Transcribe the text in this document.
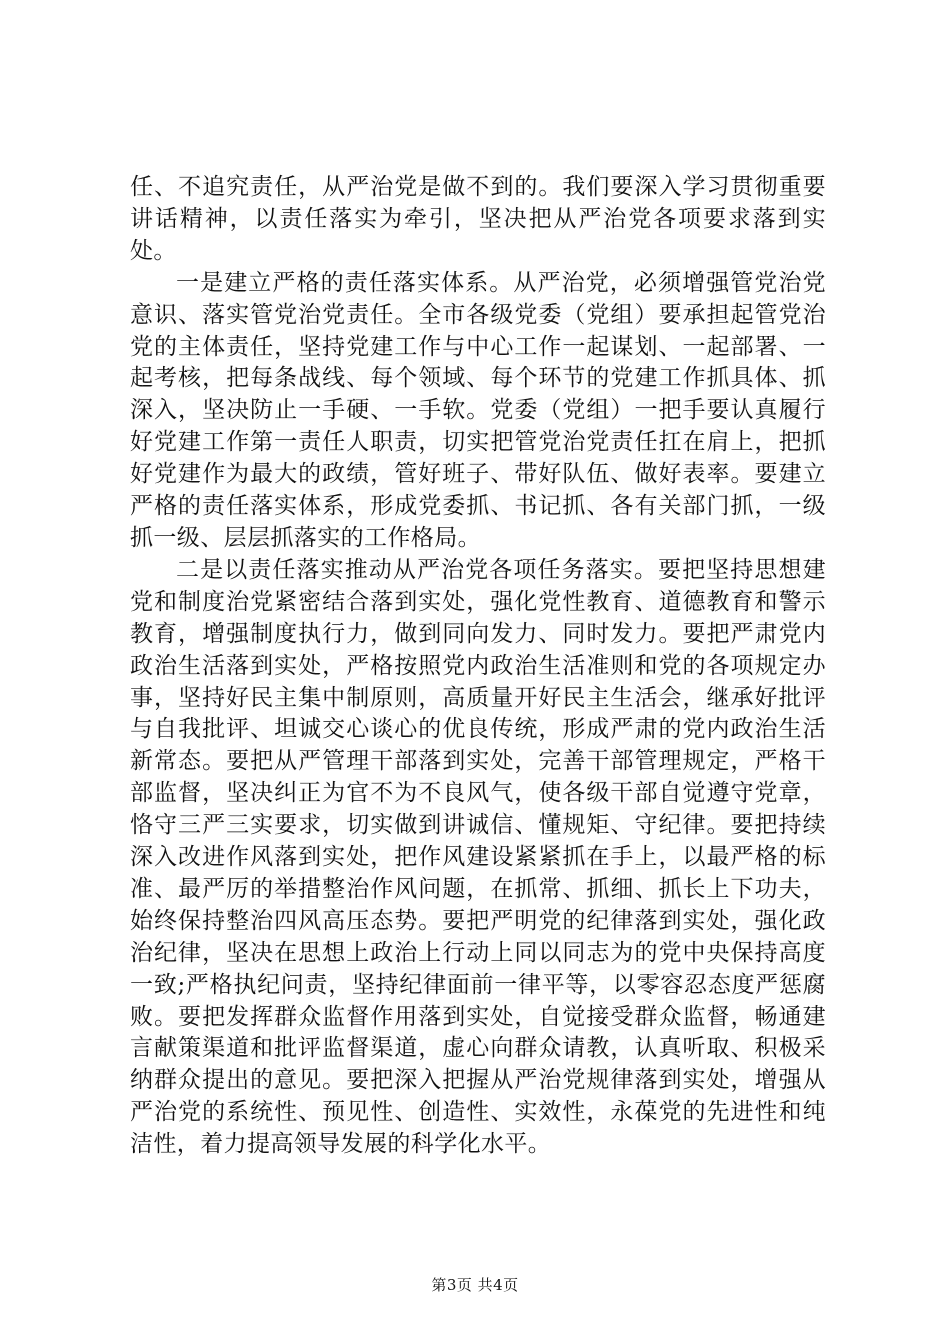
任、不追究责任，从严治党是做不到的。我们要深入学习贯彻重要讲话精神，以责任落实为牵引，坚决把从严治党各项要求落到实处。

一是建立严格的责任落实体系。从严治党，必须增强管党治党意识、落实管党治党责任。全市各级党委（党组）要承担起管党治党的主体责任，坚持党建工作与中心工作一起谋划、一起部署、一起考核，把每条战线、每个领域、每个环节的党建工作抓具体、抓深入，坚决防止一手硬、一手软。党委（党组）一把手要认真履行好党建工作第一责任人职责，切实把管党治党责任扛在肩上，把抓好党建作为最大的政绩，管好班子、带好队伍、做好表率。要建立严格的责任落实体系，形成党委抓、书记抓、各有关部门抓，一级抓一级、层层抓落实的工作格局。

二是以责任落实推动从严治党各项任务落实。要把坚持思想建党和制度治党紧密结合落到实处，强化党性教育、道德教育和警示教育，增强制度执行力，做到同向发力、同时发力。要把严肃党内政治生活落到实处，严格按照党内政治生活准则和党的各项规定办事，坚持好民主集中制原则，高质量开好民主生活会，继承好批评与自我批评、坦诚交心谈心的优良传统，形成严肃的党内政治生活新常态。要把从严管理干部落到实处，完善干部管理规定，严格干部监督，坚决纠正为官不为不良风气，使各级干部自觉遵守党章，恪守三严三实要求，切实做到讲诚信、懂规矩、守纪律。要把持续深入改进作风落到实处，把作风建设紧紧抓在手上，以最严格的标准、最严厉的举措整治作风问题，在抓常、抓细、抓长上下功夫，始终保持整治四风高压态势。要把严明党的纪律落到实处，强化政治纪律，坚决在思想上政治上行动上同以同志为的党中央保持高度一致;严格执纪问责，坚持纪律面前一律平等，以零容忍态度严惩腐败。要把发挥群众监督作用落到实处，自觉接受群众监督，畅通建言献策渠道和批评监督渠道，虚心向群众请教，认真听取、积极采纳群众提出的意见。要把深入把握从严治党规律落到实处，增强从严治党的系统性、预见性、创造性、实效性，永葆党的先进性和纯洁性，着力提高领导发展的科学化水平。

第3页 共4页
